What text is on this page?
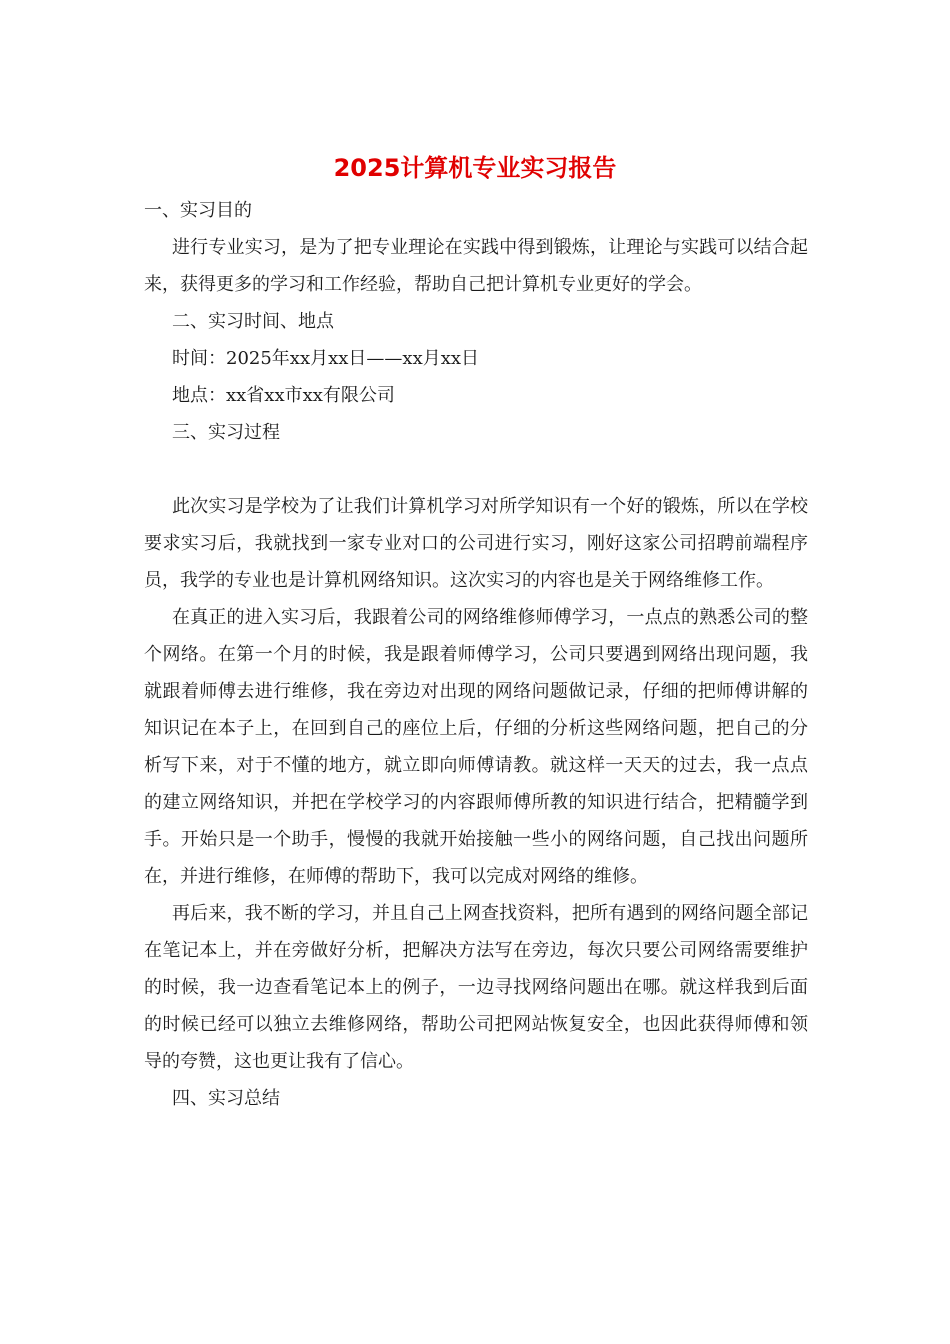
2025计算机专业实习报告

一、实习目的

进行专业实习，是为了把专业理论在实践中得到锻炼，让理论与实践可以结合起来，获得更多的学习和工作经验，帮助自己把计算机专业更好的学会。

二、实习时间、地点

时间：2025年xx月xx日——xx月xx日

地点：xx省xx市xx有限公司

三、实习过程

此次实习是学校为了让我们计算机学习对所学知识有一个好的锻炼，所以在学校要求实习后，我就找到一家专业对口的公司进行实习，刚好这家公司招聘前端程序员，我学的专业也是计算机网络知识。这次实习的内容也是关于网络维修工作。

在真正的进入实习后，我跟着公司的网络维修师傅学习，一点点的熟悉公司的整个网络。在第一个月的时候，我是跟着师傅学习，公司只要遇到网络出现问题，我就跟着师傅去进行维修，我在旁边对出现的网络问题做记录，仔细的把师傅讲解的知识记在本子上，在回到自己的座位上后，仔细的分析这些网络问题，把自己的分析写下来，对于不懂的地方，就立即向师傅请教。就这样一天天的过去，我一点点的建立网络知识，并把在学校学习的内容跟师傅所教的知识进行结合，把精髓学到手。开始只是一个助手，慢慢的我就开始接触一些小的网络问题，自己找出问题所在，并进行维修，在师傅的帮助下，我可以完成对网络的维修。

再后来，我不断的学习，并且自己上网查找资料，把所有遇到的网络问题全部记在笔记本上，并在旁做好分析，把解决方法写在旁边，每次只要公司网络需要维护的时候，我一边查看笔记本上的例子，一边寻找网络问题出在哪。就这样我到后面的时候已经可以独立去维修网络，帮助公司把网站恢复安全，也因此获得师傅和领导的夸赞，这也更让我有了信心。

四、实习总结
